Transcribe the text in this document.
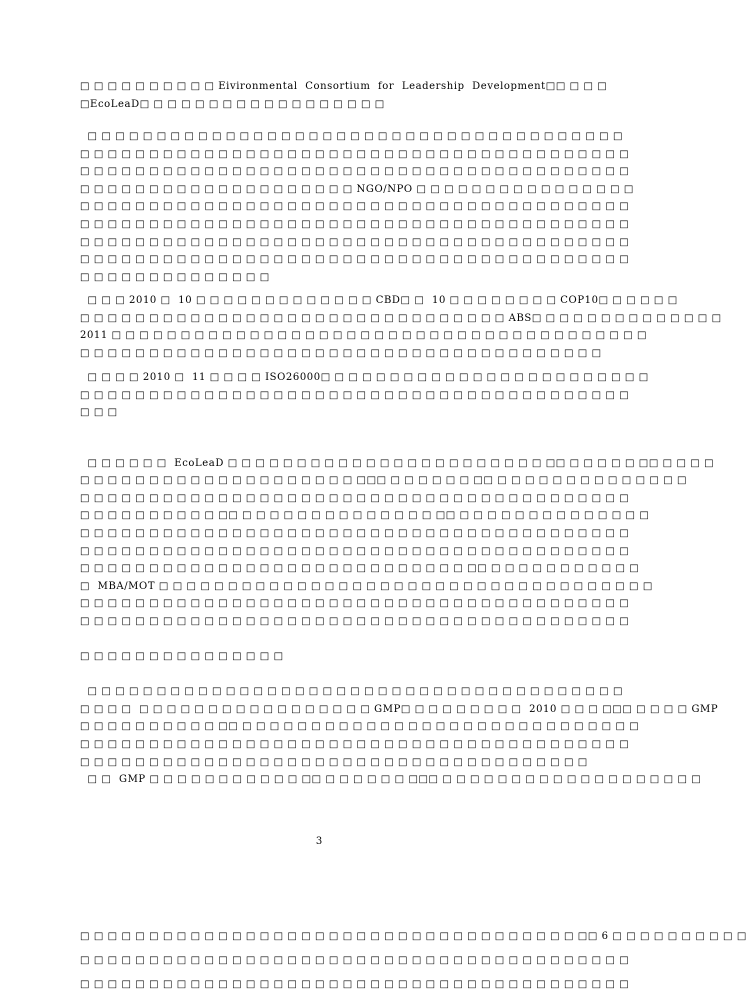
□ □ □ □ □ □ □ □ □ □ Eivironmental  Consortium  for  Leadership  Development□□ □ □ □
□EcoLeaD□ □ □ □ □ □ □ □ □ □ □ □ □ □ □ □ □ □
□ □ □ □ □ □ □ □ □ □ □ □ □ □ □ □ □ □ □ □ □ □ □ □ □ □ □ □ □ □ □ □ □ □ □ □ □ □ □
□ □ □ □ □ □ □ □ □ □ □ □ □ □ □ □ □ □ □ □ □ □ □ □ □ □ □ □ □ □ □ □ □ □ □ □ □ □ □ □
□ □ □ □ □ □ □ □ □ □ □ □ □ □ □ □ □ □ □ □ □ □ □ □ □ □ □ □ □ □ □ □ □ □ □ □ □ □ □ □
□ □ □ □ □ □ □ □ □ □ □ □ □ □ □ □ □ □ □ □ NGO/NPO □ □ □ □ □ □ □ □ □ □ □ □ □ □ □ □
□ □ □ □ □ □ □ □ □ □ □ □ □ □ □ □ □ □ □ □ □ □ □ □ □ □ □ □ □ □ □ □ □ □ □ □ □ □ □ □
□ □ □ □ □ □ □ □ □ □ □ □ □ □ □ □ □ □ □ □ □ □ □ □ □ □ □ □ □ □ □ □ □ □ □ □ □ □ □ □
□ □ □ □ □ □ □ □ □ □ □ □ □ □ □ □ □ □ □ □ □ □ □ □ □ □ □ □ □ □ □ □ □ □ □ □ □ □ □ □
□ □ □ □ □ □ □ □ □ □ □ □ □ □ □ □ □ □ □ □ □ □ □ □ □ □ □ □ □ □ □ □ □ □ □ □ □ □ □ □
□ □ □ □ □ □ □ □ □ □ □ □ □ □
□ □ □ 2010 □  10 □ □ □ □ □ □ □ □ □ □ □ □ □ CBD□ □  10 □ □ □ □ □ □ □ □ COP10□ □ □ □ □ □
□ □ □ □ □ □ □ □ □ □ □ □ □ □ □ □ □ □ □ □ □ □ □ □ □ □ □ □ □ □ □ ABS□ □ □ □ □ □ □ □ □ □ □ □ □ □
2011 □ □ □ □ □ □ □ □ □ □ □ □ □ □ □ □ □ □ □ □ □ □ □ □ □ □ □ □ □ □ □ □ □ □ □ □ □ □ □
□ □ □ □ □ □ □ □ □ □ □ □ □ □ □ □ □ □ □ □ □ □ □ □ □ □ □ □ □ □ □ □ □ □ □ □ □ □
□ □ □ □ 2010 □  11 □ □ □ □ ISO26000□ □ □ □ □ □ □ □ □ □ □ □ □ □ □ □ □ □ □ □ □ □ □ □
□ □ □ □ □ □ □ □ □ □ □ □ □ □ □ □ □ □ □ □ □ □ □ □ □ □ □ □ □ □ □ □ □ □ □ □ □ □ □ □
□ □ □
□ □ □ □ □ □  EcoLeaD □ □ □ □ □ □ □ □ □ □ □ □ □ □ □ □ □ □ □ □ □ □ □ □□ □ □ □ □ □ □□ □ □ □ □
□ □ □ □ □ □ □ □ □ □ □ □ □ □ □ □ □ □ □ □ □□□ □ □ □ □ □ □ □□ □ □ □ □ □ □ □ □ □ □ □ □ □ □
□ □ □ □ □ □ □ □ □ □ □ □ □ □ □ □ □ □ □ □ □ □ □ □ □ □ □ □ □ □ □ □ □ □ □ □ □ □ □ □
□ □ □ □ □ □ □ □ □ □ □□ □ □ □ □ □ □ □ □ □ □ □ □ □ □ □□ □ □ □ □ □ □ □ □ □ □ □ □ □ □
□ □ □ □ □ □ □ □ □ □ □ □ □ □ □ □ □ □ □ □ □ □ □ □ □ □ □ □ □ □ □ □ □ □ □ □ □ □ □ □
□ □ □ □ □ □ □ □ □ □ □ □ □ □ □ □ □ □ □ □ □ □ □ □ □ □ □ □ □ □ □ □ □ □ □ □ □ □ □ □
□ □ □ □ □ □ □ □ □ □ □ □ □ □ □ □ □ □ □ □ □ □ □ □ □ □ □ □ □□ □ □ □ □ □ □ □ □ □ □ □
□  MBA/MOT □ □ □ □ □ □ □ □ □ □ □ □ □ □ □ □ □ □ □ □ □ □ □ □ □ □ □ □ □ □ □ □ □ □ □ □
□ □ □ □ □ □ □ □ □ □ □ □ □ □ □ □ □ □ □ □ □ □ □ □ □ □ □ □ □ □ □ □ □ □ □ □ □ □ □ □
□ □ □ □ □ □ □ □ □ □ □ □ □ □ □ □ □ □ □ □ □ □ □ □ □ □ □ □ □ □ □ □ □ □ □ □ □ □ □ □
□ □ □ □ □ □ □ □ □ □ □ □ □ □ □
□ □ □ □ □ □ □ □ □ □ □ □ □ □ □ □ □ □ □ □ □ □ □ □ □ □ □ □ □ □ □ □ □ □ □ □ □ □ □
□ □ □ □  □ □ □ □ □ □ □ □ □ □ □ □ □ □ □ □ □ GMP□ □ □ □ □ □ □ □ □  2010 □ □ □ □□□ □ □ □ □ GMP
□ □ □ □ □ □ □ □ □ □ □□ □ □ □ □ □ □ □ □ □ □ □ □ □ □ □ □ □ □ □ □ □ □ □ □ □ □ □ □ □
□ □ □ □ □ □ □ □ □ □ □ □ □ □ □ □ □ □ □ □ □ □ □ □ □ □ □ □ □ □ □ □ □ □ □ □ □ □ □ □
□ □ □ □ □ □ □ □ □ □ □ □ □ □ □ □ □ □ □ □ □ □ □ □ □ □ □ □ □ □ □ □ □ □ □ □ □
□ □  GMP □ □ □ □ □ □ □ □ □ □ □ □□ □ □ □ □ □ □ □□□ □ □ □ □ □ □ □ □ □ □ □ □ □ □ □ □ □ □ □
□ □ □ □ □ □ □ □ □ □ □ □ □ □ □ □ □ □ □ □ □ □ □ □ □ □ □ □ □ □ □ □ □ □ □ □ □□ 6 □ □ □ □ □ □ □ □ □ □
□ □ □ □ □ □ □ □ □ □ □ □ □ □ □ □ □ □ □ □ □ □ □ □ □ □ □ □ □ □ □ □ □ □ □ □ □ □ □ □
□ □ □ □ □ □ □ □ □ □ □ □ □ □ □ □ □ □ □ □ □ □ □ □ □ □ □ □ □ □ □ □ □ □ □ □ □ □ □ □
3
